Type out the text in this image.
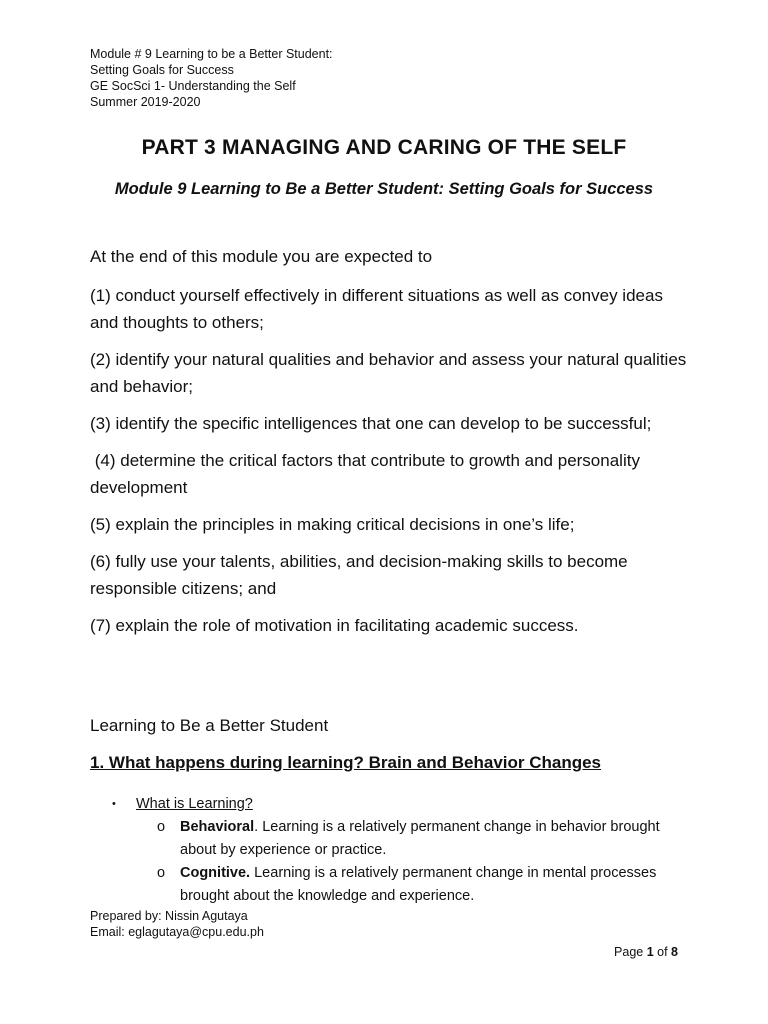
Module # 9 Learning to be a Better Student:
Setting Goals for Success
GE SocSci 1- Understanding the Self
Summer 2019-2020
PART 3 MANAGING AND CARING OF THE SELF
Module 9 Learning to Be a Better Student: Setting Goals for Success

At the end of this module you are expected to

(1) conduct yourself effectively in different situations as well as convey ideas and thoughts to others;

(2) identify your natural qualities and behavior and assess your natural qualities and behavior;

(3) identify the specific intelligences that one can develop to be successful;

(4) determine the critical factors that contribute to growth and personality development

(5) explain the principles in making critical decisions in one’s life;

(6) fully use your talents, abilities, and decision-making skills to become responsible citizens; and

(7) explain the role of motivation in facilitating academic success.

Learning to Be a Better Student
1. What happens during learning? Brain and Behavior Changes
•	What is Learning?
o	Behavioral. Learning is a relatively permanent change in behavior brought about by experience or practice.
o	Cognitive. Learning is a relatively permanent change in mental processes brought about the knowledge and experience.
Prepared by: Nissin Agutaya
Email: eglagutaya@cpu.edu.ph
Page 1 of 8
